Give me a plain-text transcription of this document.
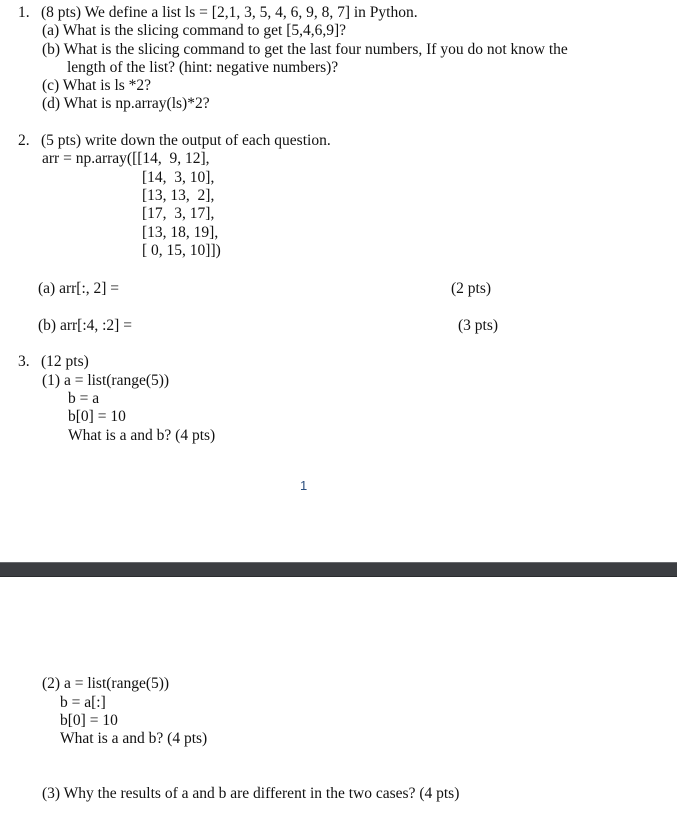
1. (8 pts) We define a list ls = [2,1, 3, 5, 4, 6, 9, 8, 7] in Python.
(a) What is the slicing command to get [5,4,6,9]?
(b) What is the slicing command to get the last four numbers, If you do not know the
length of the list? (hint: negative numbers)?
(c) What is ls *2?
(d) What is np.array(ls)*2?
2. (5 pts) write down the output of each question.
arr = np.array([[14,  9, 12],
[14,  3, 10],
[13, 13,  2],
[17,  3, 17],
[13, 18, 19],
[ 0, 15, 10]])
(a) arr[:, 2] =	(2 pts)
(b) arr[:4, :2] =	(3 pts)
3. (12 pts)
(1) a = list(range(5))
b = a
b[0] = 10
What is a and b? (4 pts)
1
(2) a = list(range(5))
b = a[:]
b[0] = 10
What is a and b? (4 pts)
(3) Why the results of a and b are different in the two cases? (4 pts)
